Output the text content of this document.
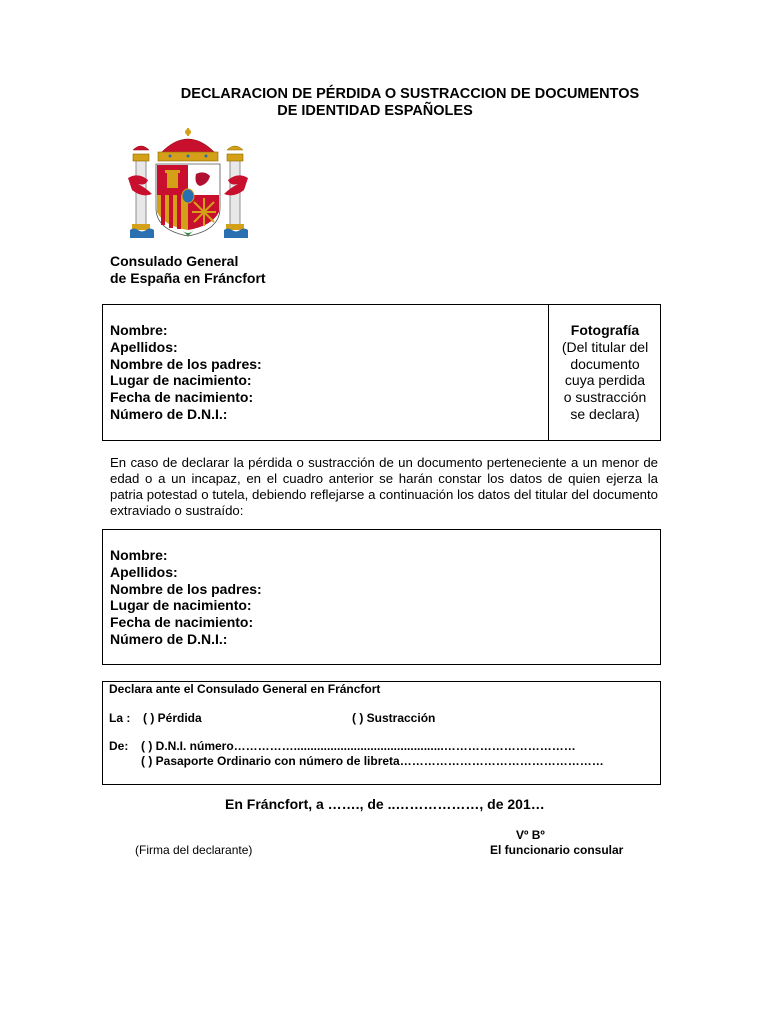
DECLARACION DE PÉRDIDA O SUSTRACCION DE DOCUMENTOS
DE IDENTIDAD ESPAÑOLES
Consulado General
de España en Fráncfort
Nombre:
Apellidos:
Nombre de los padres:
Lugar de nacimiento:
Fecha de nacimiento:
Número de D.N.I.:
Fotografía
(Del titular del
documento
cuya perdida
o sustracción
se declara)
En caso de declarar la pérdida o sustracción de un documento perteneciente a un menor de edad o a un incapaz, en el cuadro anterior se harán constar los datos de quien ejerza la patria potestad o tutela, debiendo reflejarse a continuación los datos del titular del documento extraviado o sustraído:
Nombre:
Apellidos:
Nombre de los padres:
Lugar de nacimiento:
Fecha de nacimiento:
Número de D.N.I.:
Declara ante el Consulado General en Fráncfort
La : ( ) Pérdida	( ) Sustracción
De: ( ) D.N.I. número…………….............................................……………………………
( ) Pasaporte Ordinario con número de libreta……………………………………………
En Fráncfort, a ……., de ..………………, de 201…
Vº Bº
(Firma del declarante)	El funcionario consular
